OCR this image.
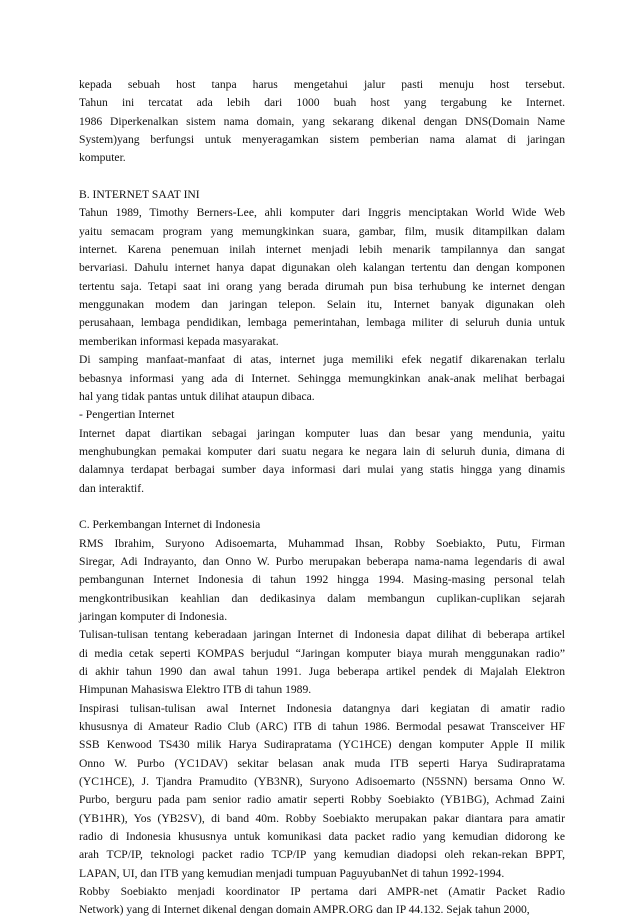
kepada sebuah host tanpa harus mengetahui jalur pasti menuju host tersebut.
Tahun ini tercatat ada lebih dari 1000 buah host yang tergabung ke Internet.
1986 Diperkenalkan sistem nama domain, yang sekarang dikenal dengan DNS(Domain Name
System)yang berfungsi untuk menyeragamkan sistem pemberian nama alamat di jaringan
komputer.
B. INTERNET SAAT INI
Tahun 1989, Timothy Berners-Lee, ahli komputer dari Inggris menciptakan World Wide Web
yaitu semacam program yang memungkinkan suara, gambar, film, musik ditampilkan dalam
internet. Karena penemuan inilah internet menjadi lebih menarik tampilannya dan sangat
bervariasi. Dahulu internet hanya dapat digunakan oleh kalangan tertentu dan dengan komponen
tertentu saja. Tetapi saat ini orang yang berada dirumah pun bisa terhubung ke internet dengan
menggunakan modem dan jaringan telepon. Selain itu, Internet banyak digunakan oleh
perusahaan, lembaga pendidikan, lembaga pemerintahan, lembaga militer di seluruh dunia untuk
memberikan informasi kepada masyarakat.
Di samping manfaat-manfaat di atas, internet juga memiliki efek negatif dikarenakan terlalu
bebasnya informasi yang ada di Internet. Sehingga memungkinkan anak-anak melihat berbagai
hal yang tidak pantas untuk dilihat ataupun dibaca.
- Pengertian Internet
Internet dapat diartikan sebagai jaringan komputer luas dan besar yang mendunia, yaitu
menghubungkan pemakai komputer dari suatu negara ke negara lain di seluruh dunia, dimana di
dalamnya terdapat berbagai sumber daya informasi dari mulai yang statis hingga yang dinamis
dan interaktif.
C. Perkembangan Internet di Indonesia
RMS Ibrahim, Suryono Adisoemarta, Muhammad Ihsan, Robby Soebiakto, Putu, Firman
Siregar, Adi Indrayanto, dan Onno W. Purbo merupakan beberapa nama-nama legendaris di awal
pembangunan Internet Indonesia di tahun 1992 hingga 1994. Masing-masing personal telah
mengkontribusikan keahlian dan dedikasinya dalam membangun cuplikan-cuplikan sejarah
jaringan komputer di Indonesia.
Tulisan-tulisan tentang keberadaan jaringan Internet di Indonesia dapat dilihat di beberapa artikel
di media cetak seperti KOMPAS berjudul “Jaringan komputer biaya murah menggunakan radio”
di akhir tahun 1990 dan awal tahun 1991. Juga beberapa artikel pendek di Majalah Elektron
Himpunan Mahasiswa Elektro ITB di tahun 1989.
Inspirasi tulisan-tulisan awal Internet Indonesia datangnya dari kegiatan di amatir radio
khususnya di Amateur Radio Club (ARC) ITB di tahun 1986. Bermodal pesawat Transceiver HF
SSB Kenwood TS430 milik Harya Sudirapratama (YC1HCE) dengan komputer Apple II milik
Onno W. Purbo (YC1DAV) sekitar belasan anak muda ITB seperti Harya Sudirapratama
(YC1HCE), J. Tjandra Pramudito (YB3NR), Suryono Adisoemarto (N5SNN) bersama Onno W.
Purbo, berguru pada pam senior radio amatir seperti Robby Soebiakto (YB1BG), Achmad Zaini
(YB1HR), Yos (YB2SV), di band 40m. Robby Soebiakto merupakan pakar diantara para amatir
radio di Indonesia khususnya untuk komunikasi data packet radio yang kemudian didorong ke
arah TCP/IP, teknologi packet radio TCP/IP yang kemudian diadopsi oleh rekan-rekan BPPT,
LAPAN, UI, dan ITB yang kemudian menjadi tumpuan PaguyubanNet di tahun 1992-1994.
Robby Soebiakto menjadi koordinator IP pertama dari AMPR-net (Amatir Packet Radio
Network) yang di Internet dikenal dengan domain AMPR.ORG dan IP 44.132. Sejak tahun 2000,
